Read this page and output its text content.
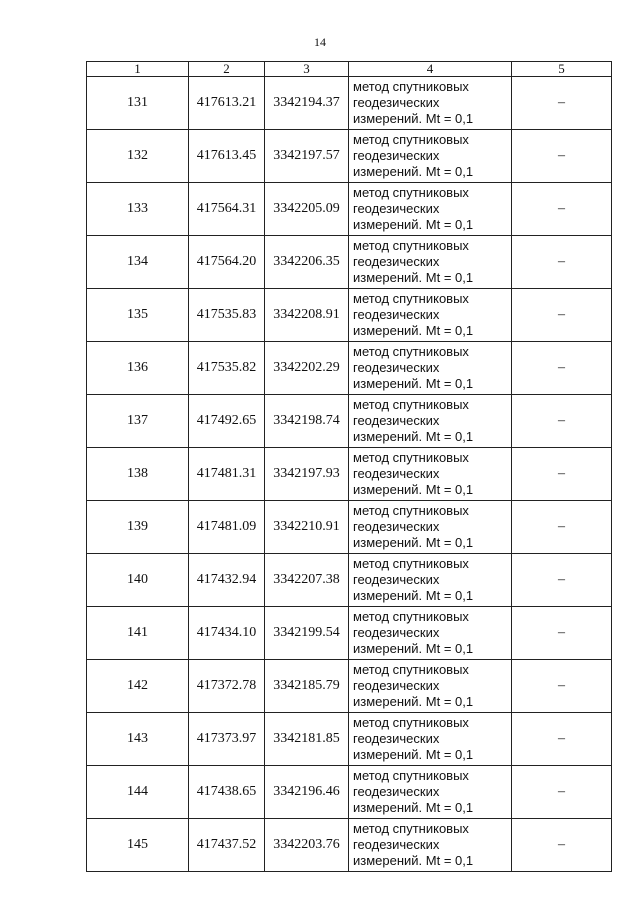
14
1	2	3	4	5
131	417613.21	3342194.37	метод спутниковых
геодезических
измерений. Mt = 0,1	–
132	417613.45	3342197.57	метод спутниковых
геодезических
измерений. Mt = 0,1	–
133	417564.31	3342205.09	метод спутниковых
геодезических
измерений. Mt = 0,1	–
134	417564.20	3342206.35	метод спутниковых
геодезических
измерений. Mt = 0,1	–
135	417535.83	3342208.91	метод спутниковых
геодезических
измерений. Mt = 0,1	–
136	417535.82	3342202.29	метод спутниковых
геодезических
измерений. Mt = 0,1	–
137	417492.65	3342198.74	метод спутниковых
геодезических
измерений. Mt = 0,1	–
138	417481.31	3342197.93	метод спутниковых
геодезических
измерений. Mt = 0,1	–
139	417481.09	3342210.91	метод спутниковых
геодезических
измерений. Mt = 0,1	–
140	417432.94	3342207.38	метод спутниковых
геодезических
измерений. Mt = 0,1	–
141	417434.10	3342199.54	метод спутниковых
геодезических
измерений. Mt = 0,1	–
142	417372.78	3342185.79	метод спутниковых
геодезических
измерений. Mt = 0,1	–
143	417373.97	3342181.85	метод спутниковых
геодезических
измерений. Mt = 0,1	–
144	417438.65	3342196.46	метод спутниковых
геодезических
измерений. Mt = 0,1	–
145	417437.52	3342203.76	метод спутниковых
геодезических
измерений. Mt = 0,1	–
